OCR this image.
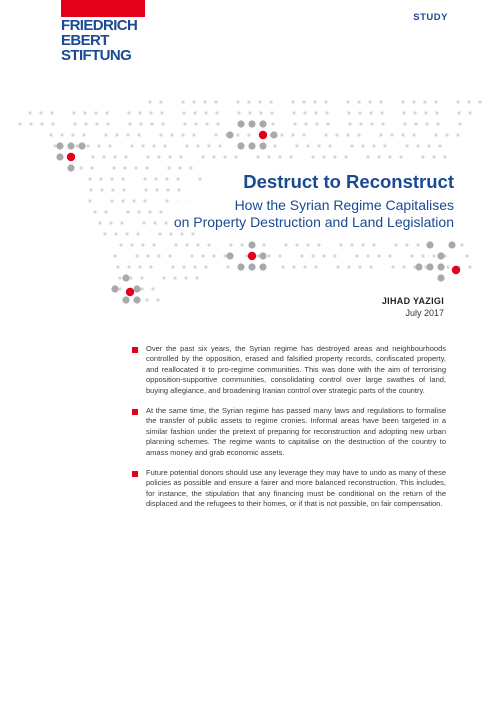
FRIEDRICH
EBERT
STIFTUNG
STUDY
Destruct to Reconstruct
How the Syrian Regime Capitalises
on Property Destruction and Land Legislation
JIHAD YAZIGI
July 2017
Over the past six years, the Syrian regime has destroyed areas and neighbourhoods controlled by the opposition, erased and falsified property records, confiscated property, and reallocated it to pro-regime communities. This was done with the aim of terrorising opposition-supportive communities, consolidating control over large swathes of land, buying allegiance, and broadening Iranian control over strategic parts of the country.
At the same time, the Syrian regime has passed many laws and regulations to formalise the transfer of public assets to regime cronies. Informal areas have been targeted in a similar fashion under the pretext of preparing for reconstruction and adopting new urban planning schemes. The regime wants to capitalise on the destruction of the country to amass money and grab economic assets.
Future potential donors should use any leverage they may have to undo as many of these policies as possible and ensure a fairer and more balanced reconstruction. This includes, for instance, the stipulation that any financing must be conditional on the return of the displaced and the refugees to their homes, or if that is not possible, on fair compensation.
